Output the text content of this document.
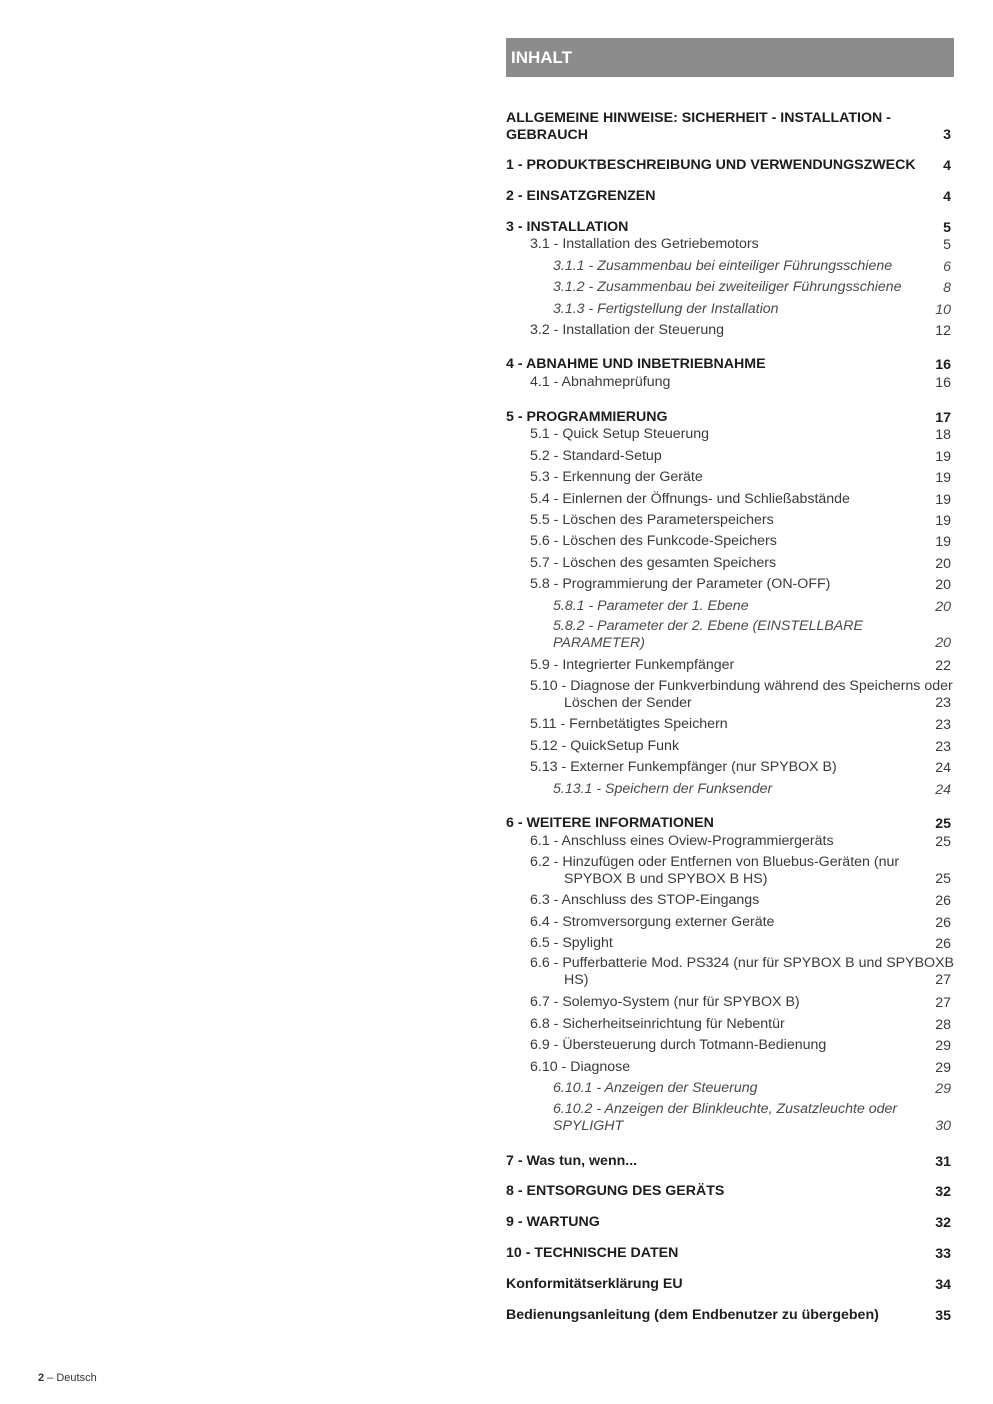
INHALT
ALLGEMEINE HINWEISE: SICHERHEIT - INSTALLATION - GEBRAUCH	3
1 - PRODUKTBESCHREIBUNG UND VERWENDUNGSZWECK	4
2 - EINSATZGRENZEN	4
3 - INSTALLATION	5
3.1 - Installation des Getriebemotors	5
3.1.1 - Zusammenbau bei einteiliger Führungsschiene	6
3.1.2 - Zusammenbau bei zweiteiliger Führungsschiene	8
3.1.3 - Fertigstellung der Installation	10
3.2 - Installation der Steuerung	12
4 - ABNAHME UND INBETRIEBNAHME	16
4.1 - Abnahmeprüfung	16
5 - PROGRAMMIERUNG	17
5.1 - Quick Setup Steuerung	18
5.2 - Standard-Setup	19
5.3 - Erkennung der Geräte	19
5.4 - Einlernen der Öffnungs- und Schließabstände	19
5.5 - Löschen des Parameterspeichers	19
5.6 - Löschen des Funkcode-Speichers	19
5.7 - Löschen des gesamten Speichers	20
5.8 - Programmierung der Parameter (ON-OFF)	20
5.8.1 - Parameter der 1. Ebene	20
5.8.2 - Parameter der 2. Ebene (EINSTELLBARE PARAMETER)	20
5.9 - Integrierter Funkempfänger	22
5.10 - Diagnose der Funkverbindung während des Speicherns oder Löschen der Sender	23
5.11 - Fernbetätigtes Speichern	23
5.12 - QuickSetup Funk	23
5.13 - Externer Funkempfänger (nur SPYBOX B)	24
5.13.1 - Speichern der Funksender	24
6 - WEITERE INFORMATIONEN	25
6.1 - Anschluss eines Oview-Programmiergeräts	25
6.2 - Hinzufügen oder Entfernen von Bluebus-Geräten (nur SPYBOX B und SPYBOX B HS)	25
6.3 - Anschluss des STOP-Eingangs	26
6.4 - Stromversorgung externer Geräte	26
6.5 - Spylight	26
6.6 - Pufferbatterie Mod. PS324 (nur für SPYBOX B und SPYBOXB HS)	27
6.7 - Solemyo-System (nur für SPYBOX B)	27
6.8 - Sicherheitseinrichtung für Nebentür	28
6.9 - Übersteuerung durch Totmann-Bedienung	29
6.10 - Diagnose	29
6.10.1 - Anzeigen der Steuerung	29
6.10.2 - Anzeigen der Blinkleuchte, Zusatzleuchte oder SPYLIGHT	30
7 - Was tun, wenn...	31
8 - ENTSORGUNG DES GERÄTS	32
9 - WARTUNG	32
10 - TECHNISCHE DATEN	33
Konformitätserklärung EU	34
Bedienungsanleitung (dem Endbenutzer zu übergeben)	35
2 – Deutsch
